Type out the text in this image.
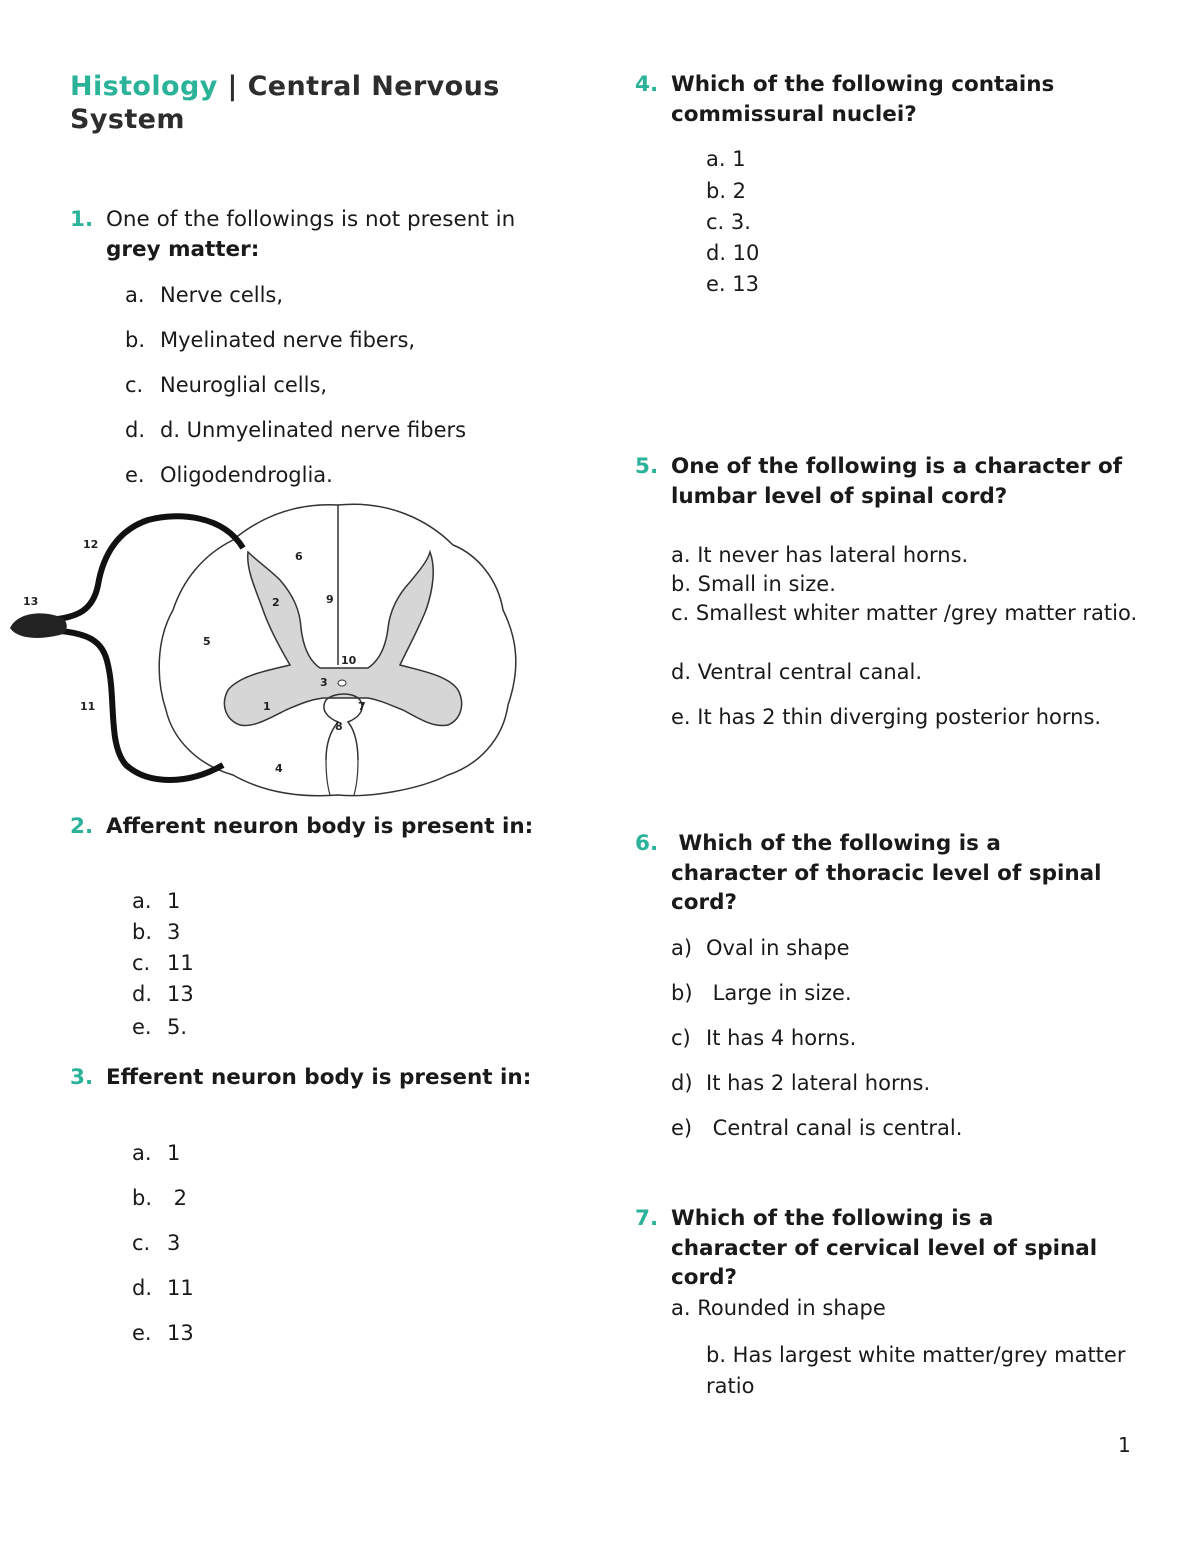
Histology | Central Nervous System
1. One of the followings is not present in grey matter:
a. Nerve cells,
b. Myelinated nerve fibers,
c. Neuroglial cells,
d. d. Unmyelinated nerve fibers
e. Oligodendroglia.
12
13
11
6
9
2
5
10
3
7
1
8
4
2. Afferent neuron body is present in:
a. 1
b. 3
c. 11
d. 13
e. 5.
3. Efferent neuron body is present in:
a. 1
b. 2
c. 3
d. 11
e. 13
4. Which of the following contains commissural nuclei?
a. 1
b. 2
c. 3.
d. 10
e. 13
5. One of the following is a character of lumbar level of spinal cord?
a. It never has lateral horns.
b. Small in size.
c. Smallest whiter matter /grey matter ratio.
d. Ventral central canal.
e. It has 2 thin diverging posterior horns.
6. Which of the following is a character of thoracic level of spinal cord?
a) Oval in shape
b) Large in size.
c) It has 4 horns.
d) It has 2 lateral horns.
e) Central canal is central.
7. Which of the following is a character of cervical level of spinal cord?
a. Rounded in shape
b. Has largest white matter/grey matter ratio
1
